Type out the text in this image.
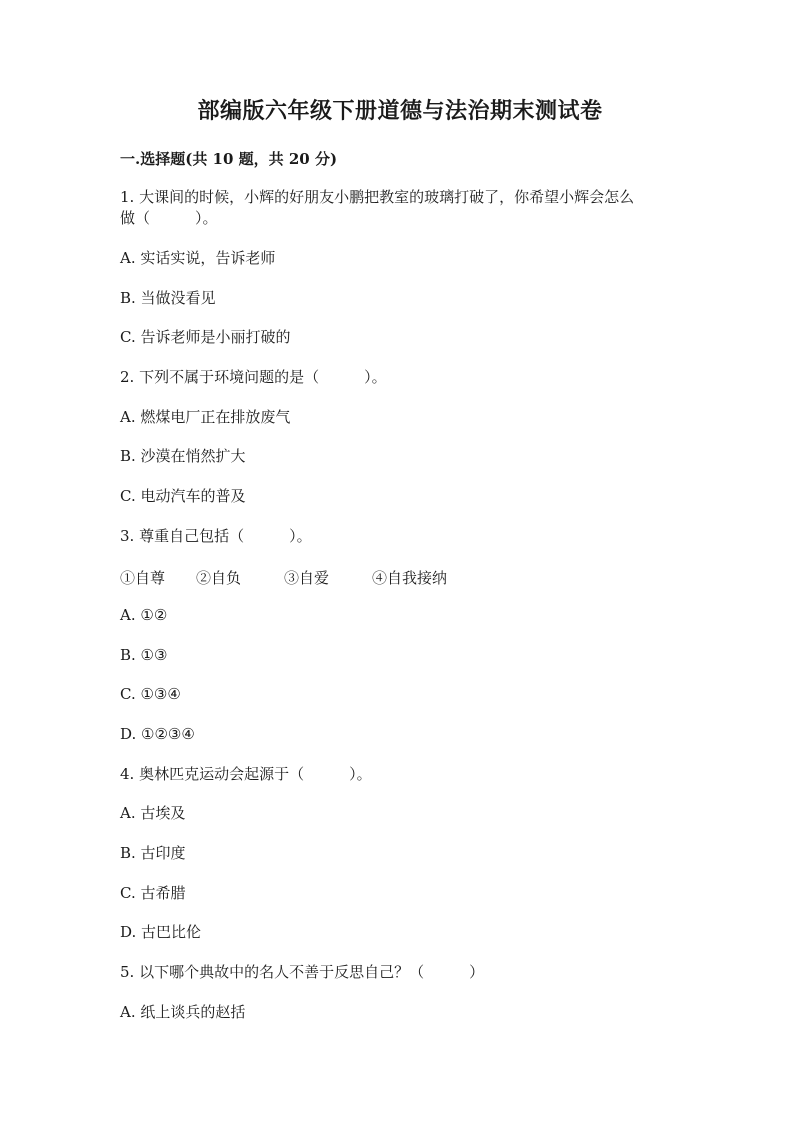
部编版六年级下册道德与法治期末测试卷
一.选择题(共 10 题，共 20 分)
1. 大课间的时候，小辉的好朋友小鹏把教室的玻璃打破了，你希望小辉会怎么
做（　　　）。
A. 实话实说，告诉老师
B. 当做没看见
C. 告诉老师是小丽打破的
2. 下列不属于环境问题的是（　　　）。
A. 燃煤电厂正在排放废气
B. 沙漠在悄然扩大
C. 电动汽车的普及
3. 尊重自己包括（　　　）。
①自尊 ②自负	③自爱	④自我接纳
A. ①②
B. ①③
C. ①③④
D. ①②③④
4. 奥林匹克运动会起源于（　　　）。
A. 古埃及
B. 古印度
C. 古希腊
D. 古巴比伦
5. 以下哪个典故中的名人不善于反思自己？（　　　）
A. 纸上谈兵的赵括
